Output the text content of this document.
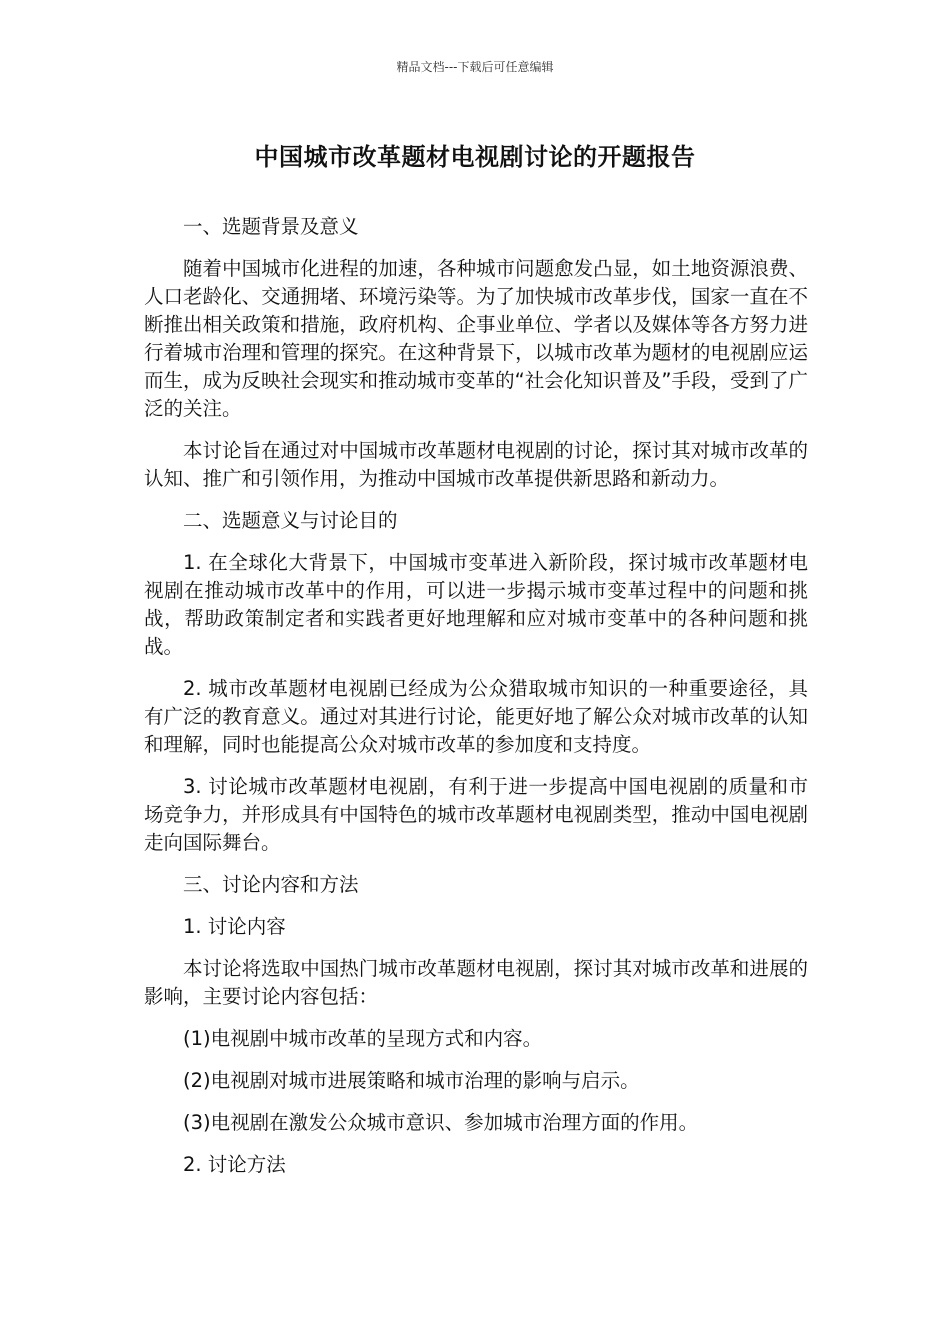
精品文档---下载后可任意编辑
中国城市改革题材电视剧讨论的开题报告

一、选题背景及意义

随着中国城市化进程的加速，各种城市问题愈发凸显，如土地资源浪费、人口老龄化、交通拥堵、环境污染等。为了加快城市改革步伐，国家一直在不断推出相关政策和措施，政府机构、企事业单位、学者以及媒体等各方努力进行着城市治理和管理的探究。在这种背景下，以城市改革为题材的电视剧应运而生，成为反映社会现实和推动城市变革的“社会化知识普及”手段，受到了广泛的关注。

本讨论旨在通过对中国城市改革题材电视剧的讨论，探讨其对城市改革的认知、推广和引领作用，为推动中国城市改革提供新思路和新动力。

二、选题意义与讨论目的

1. 在全球化大背景下，中国城市变革进入新阶段，探讨城市改革题材电视剧在推动城市改革中的作用，可以进一步揭示城市变革过程中的问题和挑战，帮助政策制定者和实践者更好地理解和应对城市变革中的各种问题和挑战。

2. 城市改革题材电视剧已经成为公众猎取城市知识的一种重要途径，具有广泛的教育意义。通过对其进行讨论，能更好地了解公众对城市改革的认知和理解，同时也能提高公众对城市改革的参加度和支持度。

3. 讨论城市改革题材电视剧，有利于进一步提高中国电视剧的质量和市场竞争力，并形成具有中国特色的城市改革题材电视剧类型，推动中国电视剧走向国际舞台。

三、讨论内容和方法

1. 讨论内容

本讨论将选取中国热门城市改革题材电视剧，探讨其对城市改革和进展的影响，主要讨论内容包括：

(1)电视剧中城市改革的呈现方式和内容。

(2)电视剧对城市进展策略和城市治理的影响与启示。

(3)电视剧在激发公众城市意识、参加城市治理方面的作用。

2. 讨论方法
